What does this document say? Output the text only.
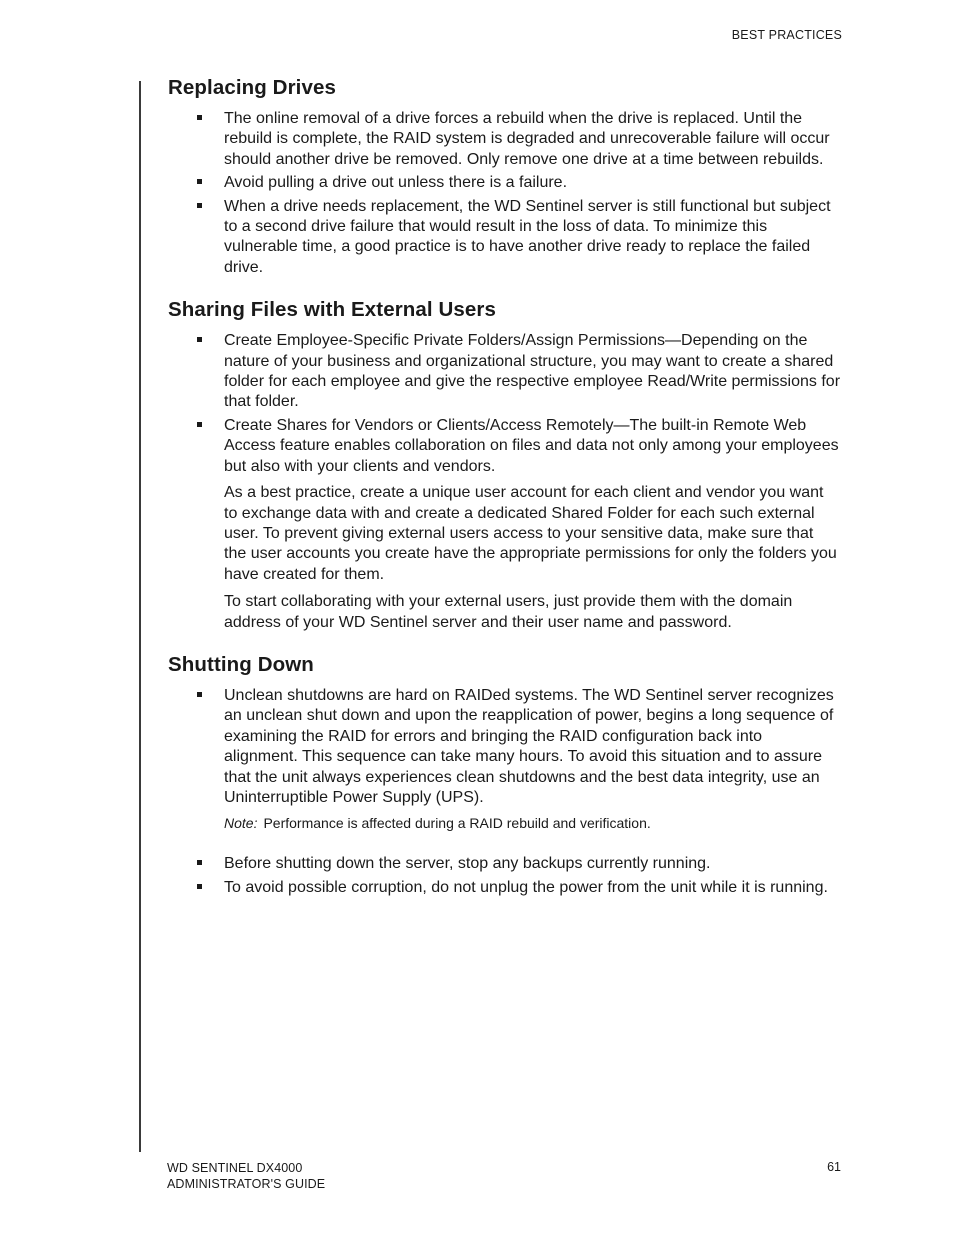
BEST PRACTICES
Replacing Drives
The online removal of a drive forces a rebuild when the drive is replaced. Until the rebuild is complete, the RAID system is degraded and unrecoverable failure will occur should another drive be removed. Only remove one drive at a time between rebuilds.
Avoid pulling a drive out unless there is a failure.
When a drive needs replacement, the WD Sentinel server is still functional but subject to a second drive failure that would result in the loss of data. To minimize this vulnerable time, a good practice is to have another drive ready to replace the failed drive.
Sharing Files with External Users
Create Employee-Specific Private Folders/Assign Permissions—Depending on the nature of your business and organizational structure, you may want to create a shared folder for each employee and give the respective employee Read/Write permissions for that folder.
Create Shares for Vendors or Clients/Access Remotely—The built-in Remote Web Access feature enables collaboration on files and data not only among your employees but also with your clients and vendors.

As a best practice, create a unique user account for each client and vendor you want to exchange data with and create a dedicated Shared Folder for each such external user. To prevent giving external users access to your sensitive data, make sure that the user accounts you create have the appropriate permissions for only the folders you have created for them.

To start collaborating with your external users, just provide them with the domain address of your WD Sentinel server and their user name and password.

Shutting Down
Unclean shutdowns are hard on RAIDed systems. The WD Sentinel server recognizes an unclean shut down and upon the reapplication of power, begins a long sequence of examining the RAID for errors and bringing the RAID configuration back into alignment. This sequence can take many hours. To avoid this situation and to assure that the unit always experiences clean shutdowns and the best data integrity, use an Uninterruptible Power Supply (UPS).

Note: Performance is affected during a RAID rebuild and verification.

Before shutting down the server, stop any backups currently running.
To avoid possible corruption, do not unplug the power from the unit while it is running.
WD SENTINEL DX4000
ADMINISTRATOR'S GUIDE
61
